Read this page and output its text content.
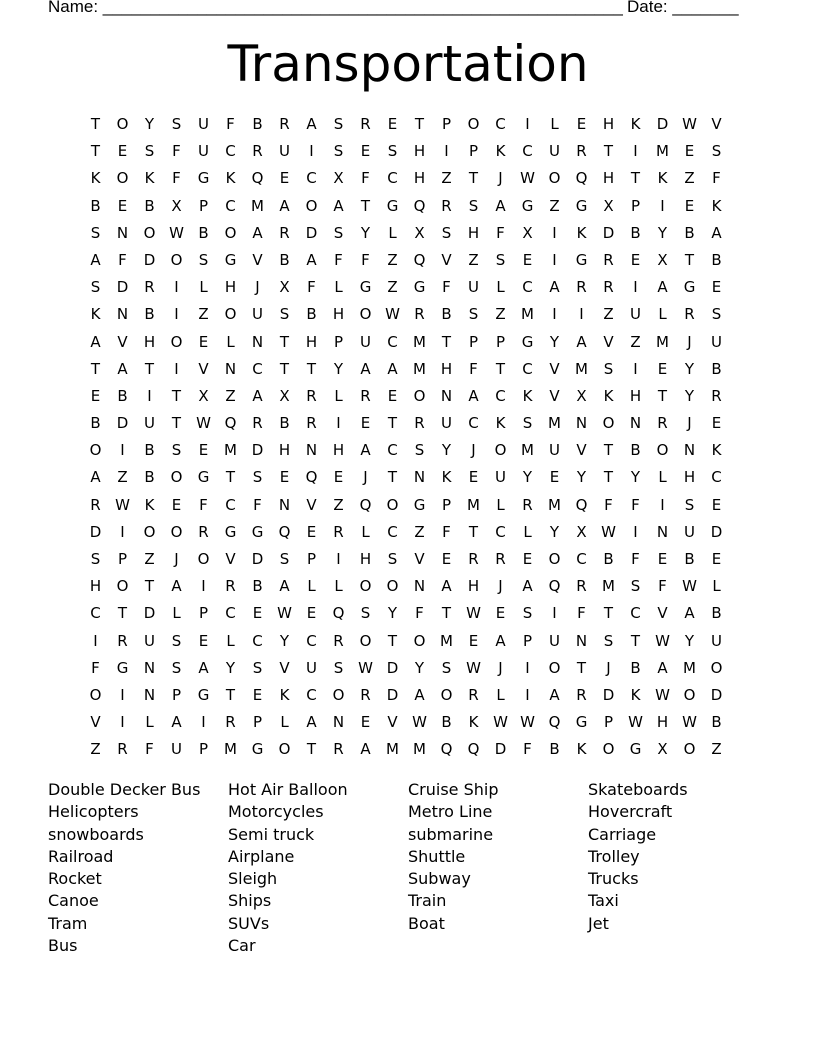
Name: _______________________________________________________ Date: _______
Transportation
T	O	Y	S	U	F	B	R	A	S	R	E	T	P	O	C	I	L	E	H	K	D W V
T	E	S	F	U	C	R	U	I	S	E	S	H	I	P	K	C	U	R	T	I	M	E	S
K	O	K	F	G	K	Q	E	C	X	F	C	H	Z	T	J	W O	Q	H	T	K	Z	F
B	E	B	X	P	C	M	A	O	A	T	G	Q	R	S	A	G	Z	G	X	P	I	E	K
S	N	O W B	O	A	R	D	S	Y	L	X	S	H	F	X	I	K	D	B	Y	B	A
A	F	D	O	S	G	V	B	A	F	F	Z	Q	V	Z	S	E	I	G	R	E	X	T	B
S	D	R	I	L	H	J	X	F	L	G	Z	G	F	U	L	C	A	R	R	I	A	G	E
K	N	B	I	Z	O	U	S	B	H	O W R	B	S	Z	M	I	I	Z	U	L	R	S
A	V	H	O	E	L	N	T	H	P	U	C	M	T	P	P	G	Y	A	V	Z	M	J	U
T	A	T	I	V	N	C	T	T	Y	A	A	M H	F	T	C	V	M	S	I	E	Y	B
E	B	I	T	X	Z	A	X	R	L	R	E	O	N	A	C	K	V	X	K	H	T	Y	R
B	D	U	T	W Q	R	B	R	I	E	T	R	U	C	K	S	M N	O	N	R	J	E
O	I	B	S	E	M D	H	N	H	A	C	S	Y	J	O M	U	V	T	B	O	N	K
A	Z	B	O	G	T	S	E	Q	E	J	T	N	K	E	U	Y	E	Y	T	Y	L	H	C
R W K	E	F	C	F	N	V	Z	Q	O	G	P	M	L	R	M Q	F	F	I	S	E
D	I	O	O	R	G	G	Q	E	R	L	C	Z	F	T	C	L	Y	X W	I	N	U	D
S	P	Z	J	O	V	D	S	P	I	H	S	V	E	R	R	E	O	C	B	F	E	B	E
H	O	T	A	I	R	B	A	L	L	O	O	N	A	H	J	A	Q	R	M	S	F	W	L
C	T	D	L	P	C	E W E	Q	S	Y	F	T	W E	S	I	F	T	C	V	A	B
I	R	U	S	E	L	C	Y	C	R	O	T	O M	E	A	P	U	N	S	T	W Y	U
F	G	N	S	A	Y	S	V	U	S W D	Y	S W	J	I	O	T	J	B	A	M O
O	I	N	P	G	T	E	K	C	O	R	D	A	O	R	L	I	A	R	D	K W O	D
V	I	L	A	I	R	P	L	A	N	E	V W B	K W W Q	G	P	W H W B
Z	R	F	U	P	M G	O	T	R	A	M M Q	Q	D	F	B	K	O	G	X	O	Z
Double Decker Bus
Helicopters
snowboards
Railroad
Rocket
Canoe
Tram
Bus
Hot Air Balloon
Motorcycles
Semi truck
Airplane
Sleigh
Ships
SUVs
Car
Cruise Ship
Metro Line
submarine
Shuttle
Subway
Train
Boat
Skateboards
Hovercraft
Carriage
Trolley
Trucks
Taxi
Jet
